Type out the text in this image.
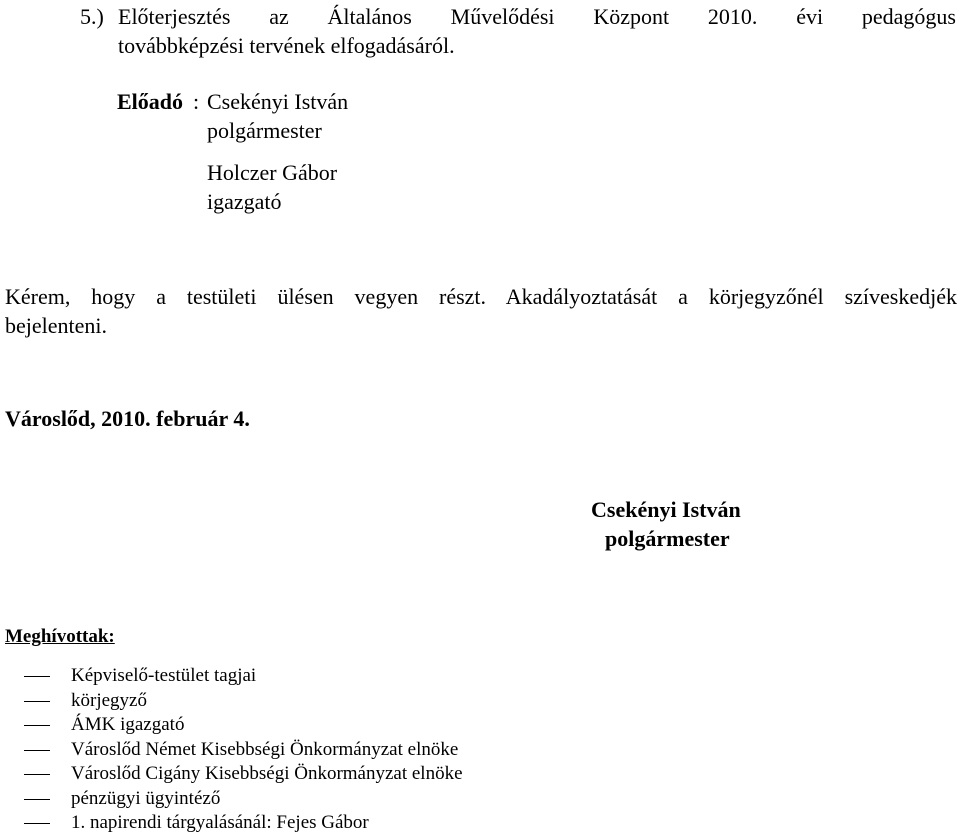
5.) Előterjesztés az Általános Művelődési Központ 2010. évi pedagógus
továbbképzési tervének elfogadásáról.
Előadó : Csekényi István
polgármester
Holczer Gábor
igazgató
Kérem, hogy a testületi ülésen vegyen részt. Akadályoztatását a körjegyzőnél szíveskedjék
bejelenteni.
Városlőd, 2010. február 4.
Csekényi István
polgármester
Meghívottak:
Képviselő-testület tagjai
körjegyző
ÁMK igazgató
Városlőd Német Kisebbségi Önkormányzat elnöke
Városlőd Cigány Kisebbségi Önkormányzat elnöke
pénzügyi ügyintéző
1. napirendi tárgyalásánál: Fejes Gábor
